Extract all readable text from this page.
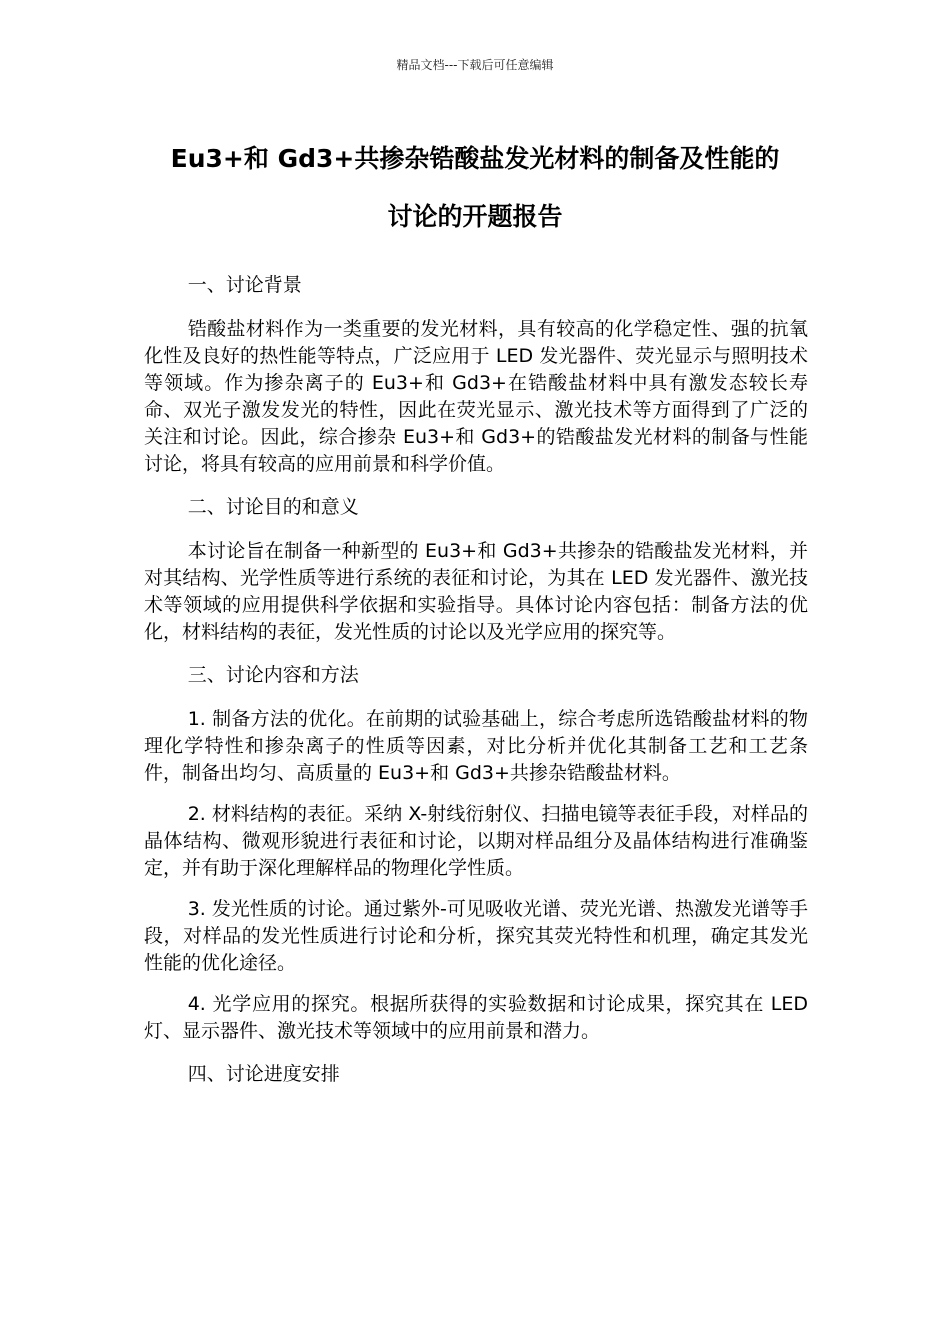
精品文档---下载后可任意编辑
Eu3+和 Gd3+共掺杂锆酸盐发光材料的制备及性能的
讨论的开题报告

一、讨论背景

锆酸盐材料作为一类重要的发光材料，具有较高的化学稳定性、强的抗氧化性及良好的热性能等特点，广泛应用于 LED 发光器件、荧光显示与照明技术等领域。作为掺杂离子的 Eu3+和 Gd3+在锆酸盐材料中具有激发态较长寿命、双光子激发发光的特性，因此在荧光显示、激光技术等方面得到了广泛的关注和讨论。因此，综合掺杂 Eu3+和 Gd3+的锆酸盐发光材料的制备与性能讨论，将具有较高的应用前景和科学价值。

二、讨论目的和意义

本讨论旨在制备一种新型的 Eu3+和 Gd3+共掺杂的锆酸盐发光材料，并对其结构、光学性质等进行系统的表征和讨论，为其在 LED 发光器件、激光技术等领域的应用提供科学依据和实验指导。具体讨论内容包括：制备方法的优化，材料结构的表征，发光性质的讨论以及光学应用的探究等。

三、讨论内容和方法

1. 制备方法的优化。在前期的试验基础上，综合考虑所选锆酸盐材料的物理化学特性和掺杂离子的性质等因素，对比分析并优化其制备工艺和工艺条件，制备出均匀、高质量的 Eu3+和 Gd3+共掺杂锆酸盐材料。

2. 材料结构的表征。采纳 X-射线衍射仪、扫描电镜等表征手段，对样品的晶体结构、微观形貌进行表征和讨论，以期对样品组分及晶体结构进行准确鉴定，并有助于深化理解样品的物理化学性质。

3. 发光性质的讨论。通过紫外-可见吸收光谱、荧光光谱、热激发光谱等手段，对样品的发光性质进行讨论和分析，探究其荧光特性和机理，确定其发光性能的优化途径。

4. 光学应用的探究。根据所获得的实验数据和讨论成果，探究其在 LED 灯、显示器件、激光技术等领域中的应用前景和潜力。

四、讨论进度安排
